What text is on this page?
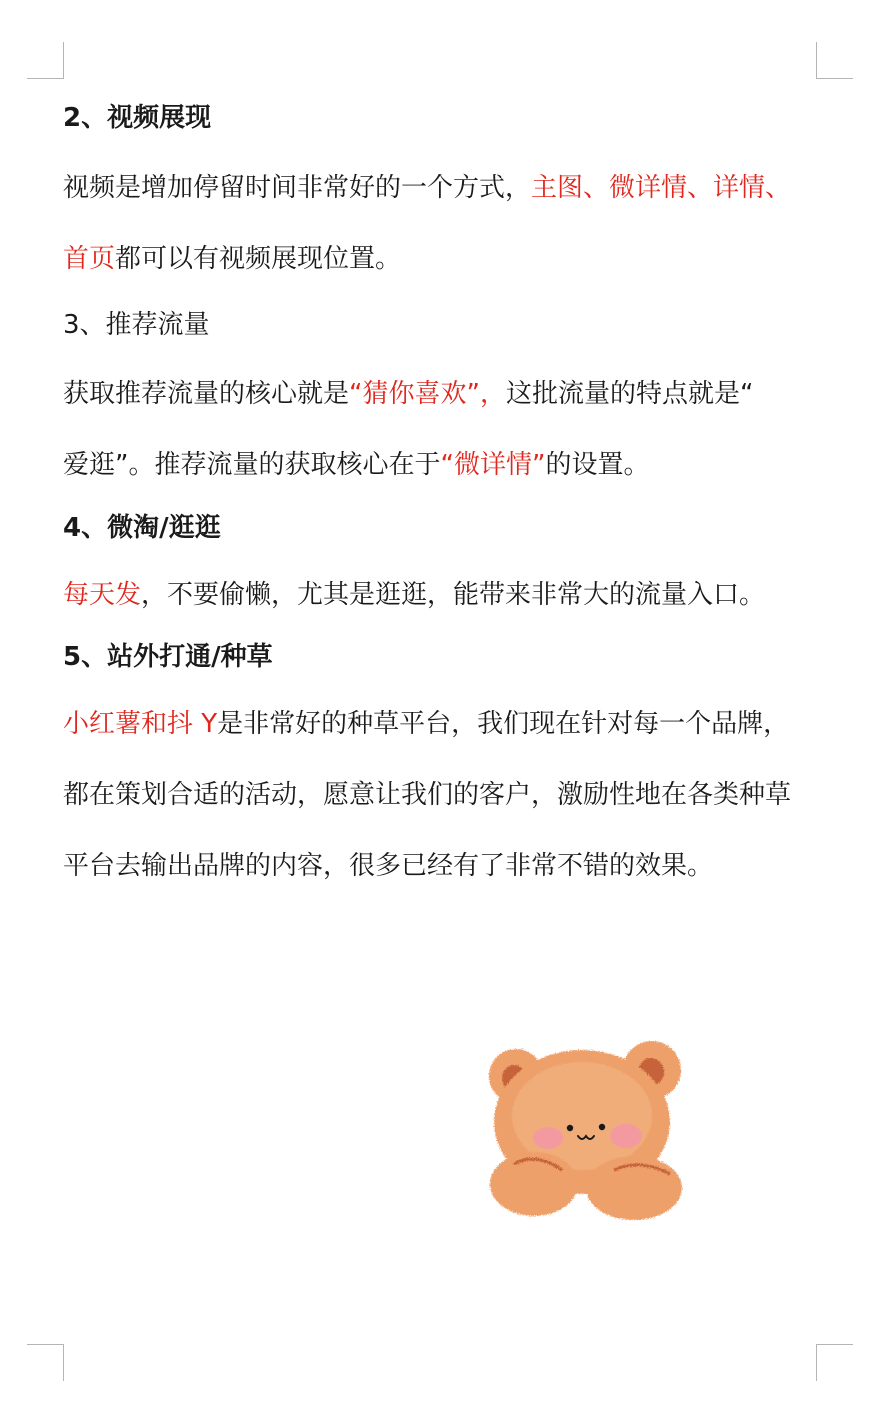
2、视频展现
视频是增加停留时间非常好的一个方式，主图、微详情、详情、
首页都可以有视频展现位置。
3、推荐流量
获取推荐流量的核心就是“猜你喜欢”，这批流量的特点就是“
爱逛”。推荐流量的获取核心在于“微详情”的设置。
4、微淘/逛逛
每天发，不要偷懒，尤其是逛逛，能带来非常大的流量入口。
5、站外打通/种草
小红薯和抖 Y是非常好的种草平台，我们现在针对每一个品牌，
都在策划合适的活动，愿意让我们的客户，激励性地在各类种草
平台去输出品牌的内容，很多已经有了非常不错的效果。
